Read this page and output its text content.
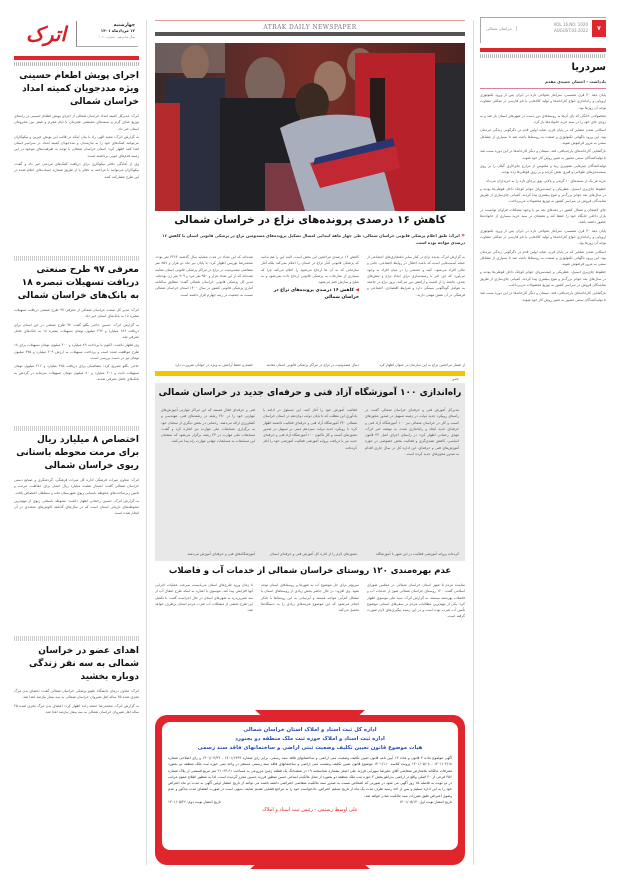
اترک	چهارشنبه
۱۲ مردادماه ۱۴۰۱
سال شانزدهم - شماره ۱۰۲۰
اجرای پویش اطعام حسینی ویژه مددجویان کمیته امداد خراسان شمالی

اترک: مدیرکل کمیته امداد خراسان شمالی از اجرای پویش اطعام حسینی در راستای توزیع غذای گرم و بسته‌های معیشتی همزمان با ایام محرم و صفر بین محرومان استان خبر داد.

به گزارش اترک، مجید الهی راد با بیان اینکه در قالب این پویش خیرین و نیکوکاران می‌توانند کمک‌های خود را به نیازمندان و مددجویان کمیته امداد در سراسر استان اهدا کنند اظهار کرد: استان خراسان شمالی با توجه به ظرفیت‌های موجود در این زمینه قدم‌های خوبی برداشته است.

وی از آمادگی دفاتر نیکوکاری برای دریافت کمک‌های مردمی خبر داد و گفت: نیکوکاران می‌توانند با مراجعه به دفاتر یا از طریق شماره حساب‌های اعلام شده در این طرح مشارکت کنند.

معرفی ۹۷ طرح صنعتی دریافت تسهیلات تبصره ۱۸ به بانک‌های خراسان شمالی

اترک: مدیر کل صمت خراسان شمالی از معرفی ۹۷ طرح صنعتی دریافت تسهیلات تبصره ۱۸ به بانک‌های استان خبر داد.

به گزارش اترک، حسین حاجی بگلو گفت: ۹۷ طرح صنعتی در این استان برای دریافت ۶۸۶ میلیارد و ۲۹۶ میلیون تومان تسهیلات تبصره ۱۸ به بانک‌های عامل معرفی شد.

وی اظهار داشت: اکنون با پرداخت ۸۹ میلیارد و ۴۰۰ میلیون تومان تسهیلات برای ۱۸ طرح موافقت شده است و پرداخت تسهیلات به ارزش ۲۰۹ میلیارد و ۴۹۵ میلیون تومان نیز در دست بررسی است.

حاجی بگلو تصریح کرد: متقاضیان برای دریافت ۳۸۵ میلیارد و ۲۱۶ میلیون تومان تسهیلات ثابت و ۳۰۱ میلیارد و ۸۰ میلیون تومان تسهیلات سرمایه در گردش به بانک‌های عامل معرفی شدند.

اختصاص ۸ میلیارد ریال برای مرمت محوطه باستانی ریوی خراسان شمالی

اترک: معاون میراث فرهنگی اداره کل میراث فرهنگی، گردشگری و صنایع دستی خراسان شمالی گفت: امسال هشت میلیارد ریال اعتبار برای حفاظت، مرمت و تامین زیرساخت‌های محوطه باستانی ریوی شهرستان مانه و سملقان اختصاص یافت.

به گزارش اترک، حسین رحمانی اظهار داشت: محوطه باستانی ریوی از مهم‌ترین محوطه‌های تاریخی استان است که در سال‌های گذشته کاوش‌های متعددی در آن انجام شده است.

اهدای عضو در خراسان شمالی به سه نفر زندگی دوباره بخشید

اترک: معاون درمان دانشگاه علوم پزشکی خراسان شمالی گفت: اعضای بدن مرگ مغزی شده ۴۵ ساله اهل شیروان خراسان شمالی به سه بیمار نیازمند اهدا شد.

به گزارش اترک، محمدرضا جمعه زاده اظهار کرد: اعضای بدن مرگ مغزی شده ۴۵ ساله اهل شیروان خراسان شمالی به سه بیمار نیازمند اهدا شد.

ATRAK DAILY NEWSPAPER
کاهش ۱۶ درصدی پرونده‌های نزاع در خراسان شمالی
« اترک: طبق اعلام پزشکی قانونی خراسان شمالی، طی چهار ماهه ابتدایی امسال تشکیل پرونده‌های مصدومین نزاع در پزشکی قانونی استان با کاهش ۱۶ درصدی مواجه بوده است.
به گزارش اترک، پدیده نزاع در کنار سایر ناهنجاری‌های اجتماعی از جمله آسیب‌هایی است که باعث اختلال در روابط اجتماعی، جانی و مالی افراد می‌شود. کینه و دشمنی را در میان افراد به وجود می‌آورد که این امر با زمینه‌سازی برای ایجاد نزاع و تنش‌های بعدی، جامعه را از امنیت و آرامش دور می‌کند. بروز نزاع در جامعه به عوامل گوناگونی بستگی دارد و شرایط اقتصادی، اجتماعی و فرهنگی در آن نقش مهمی دارند.
کاهش ۱۶ درصدی مراجعین این بخش است. البته این را هم بدانید که پزشکی قانونی آمار نزاع در استان را اعلام نمی‌کند بلکه آمار سازمانی که به آن ها ارجاع می‌شود را اعلام می‌کند چرا که بسیاری از منازعات به پزشکی قانونی ارجاع داده نمی‌شود و به صلح و سازش ختم می‌شود.
◀ کاهش ۱۶ درصدی پرونده‌های نزاع در خراسان شمالی
شده‌اند که این تعداد در مدت مشابه سال گذشته ۳۲۶۳ نفر بوده. محمدرضا نوریس اظهار کرد: تا پایان تیر ماه دو هزار و ۸۵۹ نفر متقاضی مصدومیت در نزاع در مراکز پزشکی قانونی استان معاینه شده‌اند که از این تعداد هزار و ۹۵۰ نفر مرد و ۹۰۹ نفر زن بوده‌اند. مدیر کل پزشکی قانونی خراسان شمالی گفت: مطابق سالنامه آماری پزشکی قانونی کشور در سال ۱۴۰۰ استان خراسان شمالی نسبت به جمعیت در رتبه چهارم قرار داشته است.
از شمار مراجعین نزاع به این سازمان در عنوان اظهار کرد
دنبال مصدومیت در نزاع در مراکز پزشکی قانونی استان معاینه
خشم و حفظ آرامش به ویژه در جوانان ضرورت دارد
خبر
راه‌اندازی ۱۰۰ آموزشگاه آزاد فنی و حرفه‌ای جدید در خراسان شمالی
مدیرکل آموزش فنی و حرفه‌ای خراسان شمالی گفت: در راستای رویکرد جدید دولت در زمینه تسهیل در صدور مجوزهای کسب و کار در خراسان شمالی نیز ۱۰۰ آموزشگاه آزاد فنی و حرفه‌ای جدید ایجاد و راه‌اندازی شده. به نوشته خبر اترک، مهدی رحمانی اظهار کرد: در راستای اجرای اصل ۴۴ قانون اساسی، کاهش تصدی‌گری و فعالیت بخش خصوصی در حوزه آموزش‌های فنی و حرفه‌ای، این اداره کل در سال جاری اقدام به صدور مجوزهای جدید کرده است.
فعالیت آموزش خود را آغاز کنند. این مسئول در ادامه با یادآوری این مطلب که تا پایان دولت دوازدهم در استان خراسان شمالی ۲۳۰ آموزشگاه آزاد فنی و حرفه‌ای فعالیت داشتند اظهار کرد: با رویکرد جدید دولت سیزدهم مبنی بر تسهیل در صدور مجوزهای کسب و کار تاکنون ۱۰۰ آموزشگاه آزاد فنی و حرفه‌ای جدید نیز با دریافت پروانه آموزشی فعالیت آموزشی خود را آغاز کرده‌اند.
فنی و حرفه‌ای فعال هستند که این مراکز مهارتی آموزش‌های مهارتی خود را در ۲۸۰ رشته در رشته‌های فنی، مهندسی و کشاورزی ارائه می‌دهند. رحمانی در بخش دیگری از سخنان خود به برگزاری مسابقات ملی مهارت نیز اشاره کرد و گفت: مسابقات ملی مهارت در ۴۳ رشته برگزار می‌شود که منتخبان این مسابقات به مسابقات جهانی مهارت راه پیدا می‌کنند.
کرده‌اند پروانه آموزشی فعالیت در این شهر با آموزشگاه
مجوزهای لازم را از اداره کل آموزش فنی و حرفه‌ای استان
آموزشگاه‌های فنی و حرفه‌ای آموزش می‌دهند
عدم بهره‌مندی ۱۲۰ روستای خراسان شمالی از خدمات آب و فاضلاب
نماینده مردم ۵ شهر استان خراسان شمالی در مجلس شورای اسلامی گفت: ۱۲۰ روستای خراسان شمالی هنوز از خدمات آب و فاضلاب بهره‌مند نیستند. به گزارش اترک، سید علی موسوی اظهار کرد: یکی از مهم‌ترین مطالبات مردم در سفرهای استانی موضوع تأمین آب شرب بوده است و در این زمینه پیگیری‌های لازم صورت گرفته است.
سریع‌تر برای حل موضوع آب به شهرها و روستاهای استان توجه شود. وی افزود: در حال حاضر بخش زیادی از روستاهای استان با مشکل کم‌آبی مواجه هستند و آبرسانی به این روستاها با تانکر انجام می‌شود که این موضوع هزینه‌های زیادی را به دستگاه‌ها تحمیل می‌کند.
تا زمان ورود طرح‌های استان می‌بایست سرعت عملیات اجرایی آنها افزایش پیدا کند. موسوی با اشاره به اینکه طرح انتقال آب از سد شیرین‌دره به شهرهای استان در حال اجراست گفت: با تکمیل این طرح بخشی از مشکلات آب شرب مردم استان برطرف خواهد شد.
اداره کل ثبت اسناد و املاک استان خراسان شمالی
اداره ثبت اسناد و املاک حوزه ثبت ملک منطقه دو بجنورد
هیات موضوع قانون تعیین تکلیف وضعیت ثبتی اراضی و ساختمانهای فاقد سند رسمی
آگهی موضوع ماده ۳ قانون و ماده ۱۳ آیین نامه قانون تعیین تکلیف وضعیت ثبتی اراضی و ساختمانهای فاقد سند رسمی. برابر رای شماره ۱۴۰۱/۱۹۹۹ - ۱۴۰۱/۰۴/۲۹ و رای اصلاحی شماره ۱۴۰۱/۰۴/۱۸ - ۱۴۰۱/۰۵/۰۸ پرونده کلاسه ۱۴۰۱/۱۱۰ موضوع قانون تعیین تکلیف وضعیت ثبتی اراضی و ساختمانهای فاقد سند رسمی مستقر در واحد ثبتی حوزه ثبت ملک منطقه دو بجنورد تصرفات مالکانه بلامعارض متقاضی آقای علیرضا سهرابی فرزند علی اصغر بشماره شناسنامه ۱۹ در ششدانگ یک قطعه زمین مزروعی به مساحت ۲۱۰۶۴.۶۱ متر مربع قسمتی از پلاک شماره ۴۵۶ فرعی از ۲۰ اصلی واقع در اراضی بدرانلو بخش ۳ حوزه ثبت ملک منطقه دو بجنورد از محل مالکیت ابتیاعی حسن منظور فرزند حسین محرز گردیده است. لذا به منظور اطلاع عموم مراتب در دو نوبت به فاصله ۱۵ روز آگهی می شود در صورتی که اشخاص نسبت به صدور سند مالکیت متقاضی اعتراضی داشته باشند می توانند از تاریخ انتشار اولین آگهی به مدت دو ماه اعتراض خود را به این اداره تسلیم و پس از اخذ رسید ظرف مدت یک ماه از تاریخ تسلیم اعتراض، دادخواست خود را به مراجع قضایی تقدیم نمایند. بدیهی است در صورت انقضای مدت مذکور و عدم وصول اعتراض طبق مقررات سند مالکیت صادر خواهد شد.
تاریخ انتشار نوبت اول: ۱۴۰۱/۰۵/۱۲
تاریخ انتشار نوبت دوم: ۱۴۰۱/۰۵/۲۶
علی اوسط رستمی - رئیس ثبت اسناد و املاک
۷
VOL 16,NO. 1020
AUGUST.03.2022
خراسان شمالی
سردریا
یادداشت - احسان حمیدی مقدم

پایان دههٔ ۳۰ قرن شمسی، سرآغاز تحولاتی تازه در ایران پس از ورود تکنولوژی اروپایی و راه‌اندازی انواع کارخانه‌ها و تولید کالاهایی با نام فارسی در شکلی متفاوت توجه آن روزها بود.

محصولاتی خانگی که پای آن‌ها به روستاهای دور دست در شهرهای استان باز شد و به زودی جای خود را در سبد خرید خانواده‌ها باز کرد.

اسکانی شدن عشایر که در پایان قرن، شاید اولین قدم در دگرگونی زندگی مردمان بود. این ورود ناگهانی تکنولوژی و صنعت به روستاها باعث شد تا بسیاری از مشاغل سنتی به مرور فراموش شوند.

بازگشایی کارخانه‌های پارچه‌بافی، قند، سیمان و دیگر کارخانه‌ها در این دوره سبب شد تا تولیدکنندگان سنتی مجبور به تغییر روش کار خود شوند.

تولیدکنندگان چیزهایی تصویری زیبا و ملموس از مزارع چای‌کاری گیلان را بر روی بسته‌بندی‌های طولانی و قیری نقش کردند و بر روی قوطی‌ها زده بودند.

خرید هر یک از بسته‌های ۱۰ گرمی و بالاتر، بوی پرچای تازه را به خریداران می‌داد.

خطوط چای‌بری اسنیل، عطریکی و چینه‌سرپای جوانز کوچک داخل قوطی‌ها بودند و در سال‌های بعد جوانز بزرگ‌تر و تنوع بیشتری پیدا کردند. کمپانی چای‌سازی از طریق نمایندگان فروش در سراسر کشور به توزیع محصولات می‌پرداخت.

چای لاهیجان و شمال کشور در دهه‌های بعد نیز با وجود مشکلات فراوان توانست در بازار داخلی جایگاه خود را حفظ کند و همچنان در سبد خرید بسیاری از خانواده‌ها حضور داشته باشد.

پایان دههٔ ۳۰ قرن شمسی، سرآغاز تحولاتی تازه در ایران پس از ورود تکنولوژی اروپایی و راه‌اندازی انواع کارخانه‌ها و تولید کالاهایی با نام فارسی در شکلی متفاوت توجه آن روزها بود.

اسکانی شدن عشایر که در پایان قرن، شاید اولین قدم در دگرگونی زندگی مردمان بود. این ورود ناگهانی تکنولوژی و صنعت به روستاها باعث شد تا بسیاری از مشاغل سنتی به مرور فراموش شوند.

خطوط چای‌بری اسنیل، عطریکی و چینه‌سرپای جوانز کوچک داخل قوطی‌ها بودند و در سال‌های بعد جوانز بزرگ‌تر و تنوع بیشتری پیدا کردند. کمپانی چای‌سازی از طریق نمایندگان فروش در سراسر کشور به توزیع محصولات می‌پرداخت.

بازگشایی کارخانه‌های پارچه‌بافی، قند، سیمان و دیگر کارخانه‌ها در این دوره سبب شد تا تولیدکنندگان سنتی مجبور به تغییر روش کار خود شوند.
